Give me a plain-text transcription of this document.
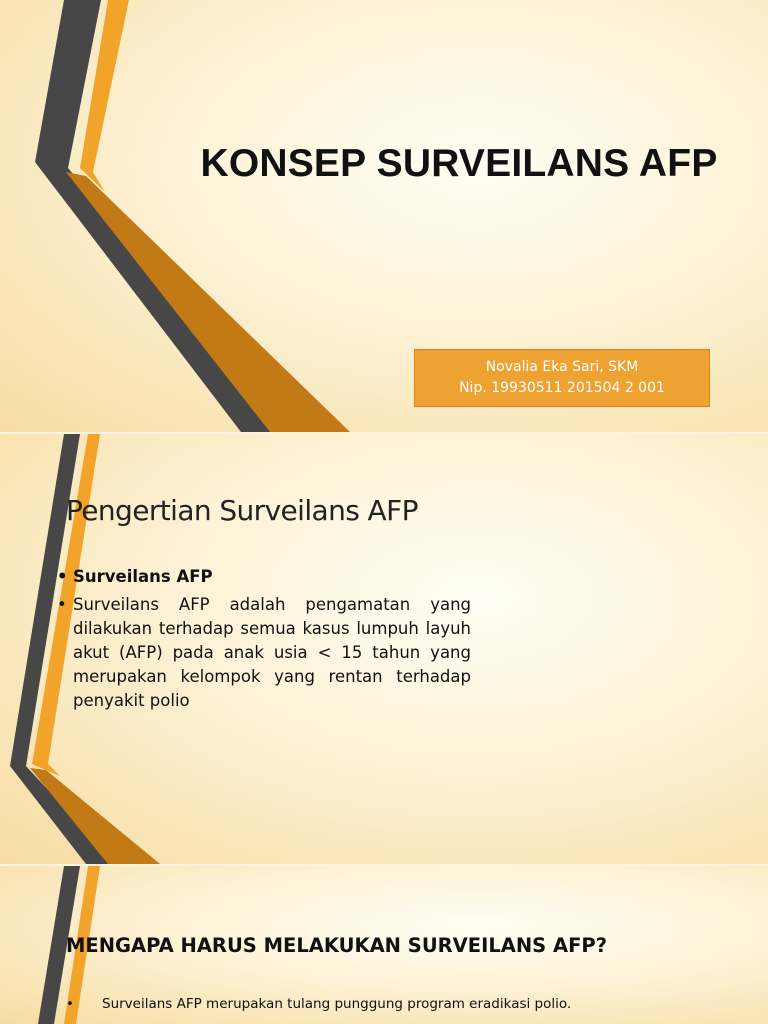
KONSEP SURVEILANS AFP
Novalia Eka Sari, SKM
Nip. 19930511 201504 2 001
Pengertian Surveilans AFP
• Surveilans AFP
• Surveilans AFP adalah pengamatan yang dilakukan terhadap semua kasus lumpuh layuh akut (AFP) pada anak usia < 15 tahun yang merupakan kelompok yang rentan terhadap penyakit polio
MENGAPA HARUS MELAKUKAN SURVEILANS AFP?
• Surveilans AFP merupakan tulang punggung program eradikasi polio.
